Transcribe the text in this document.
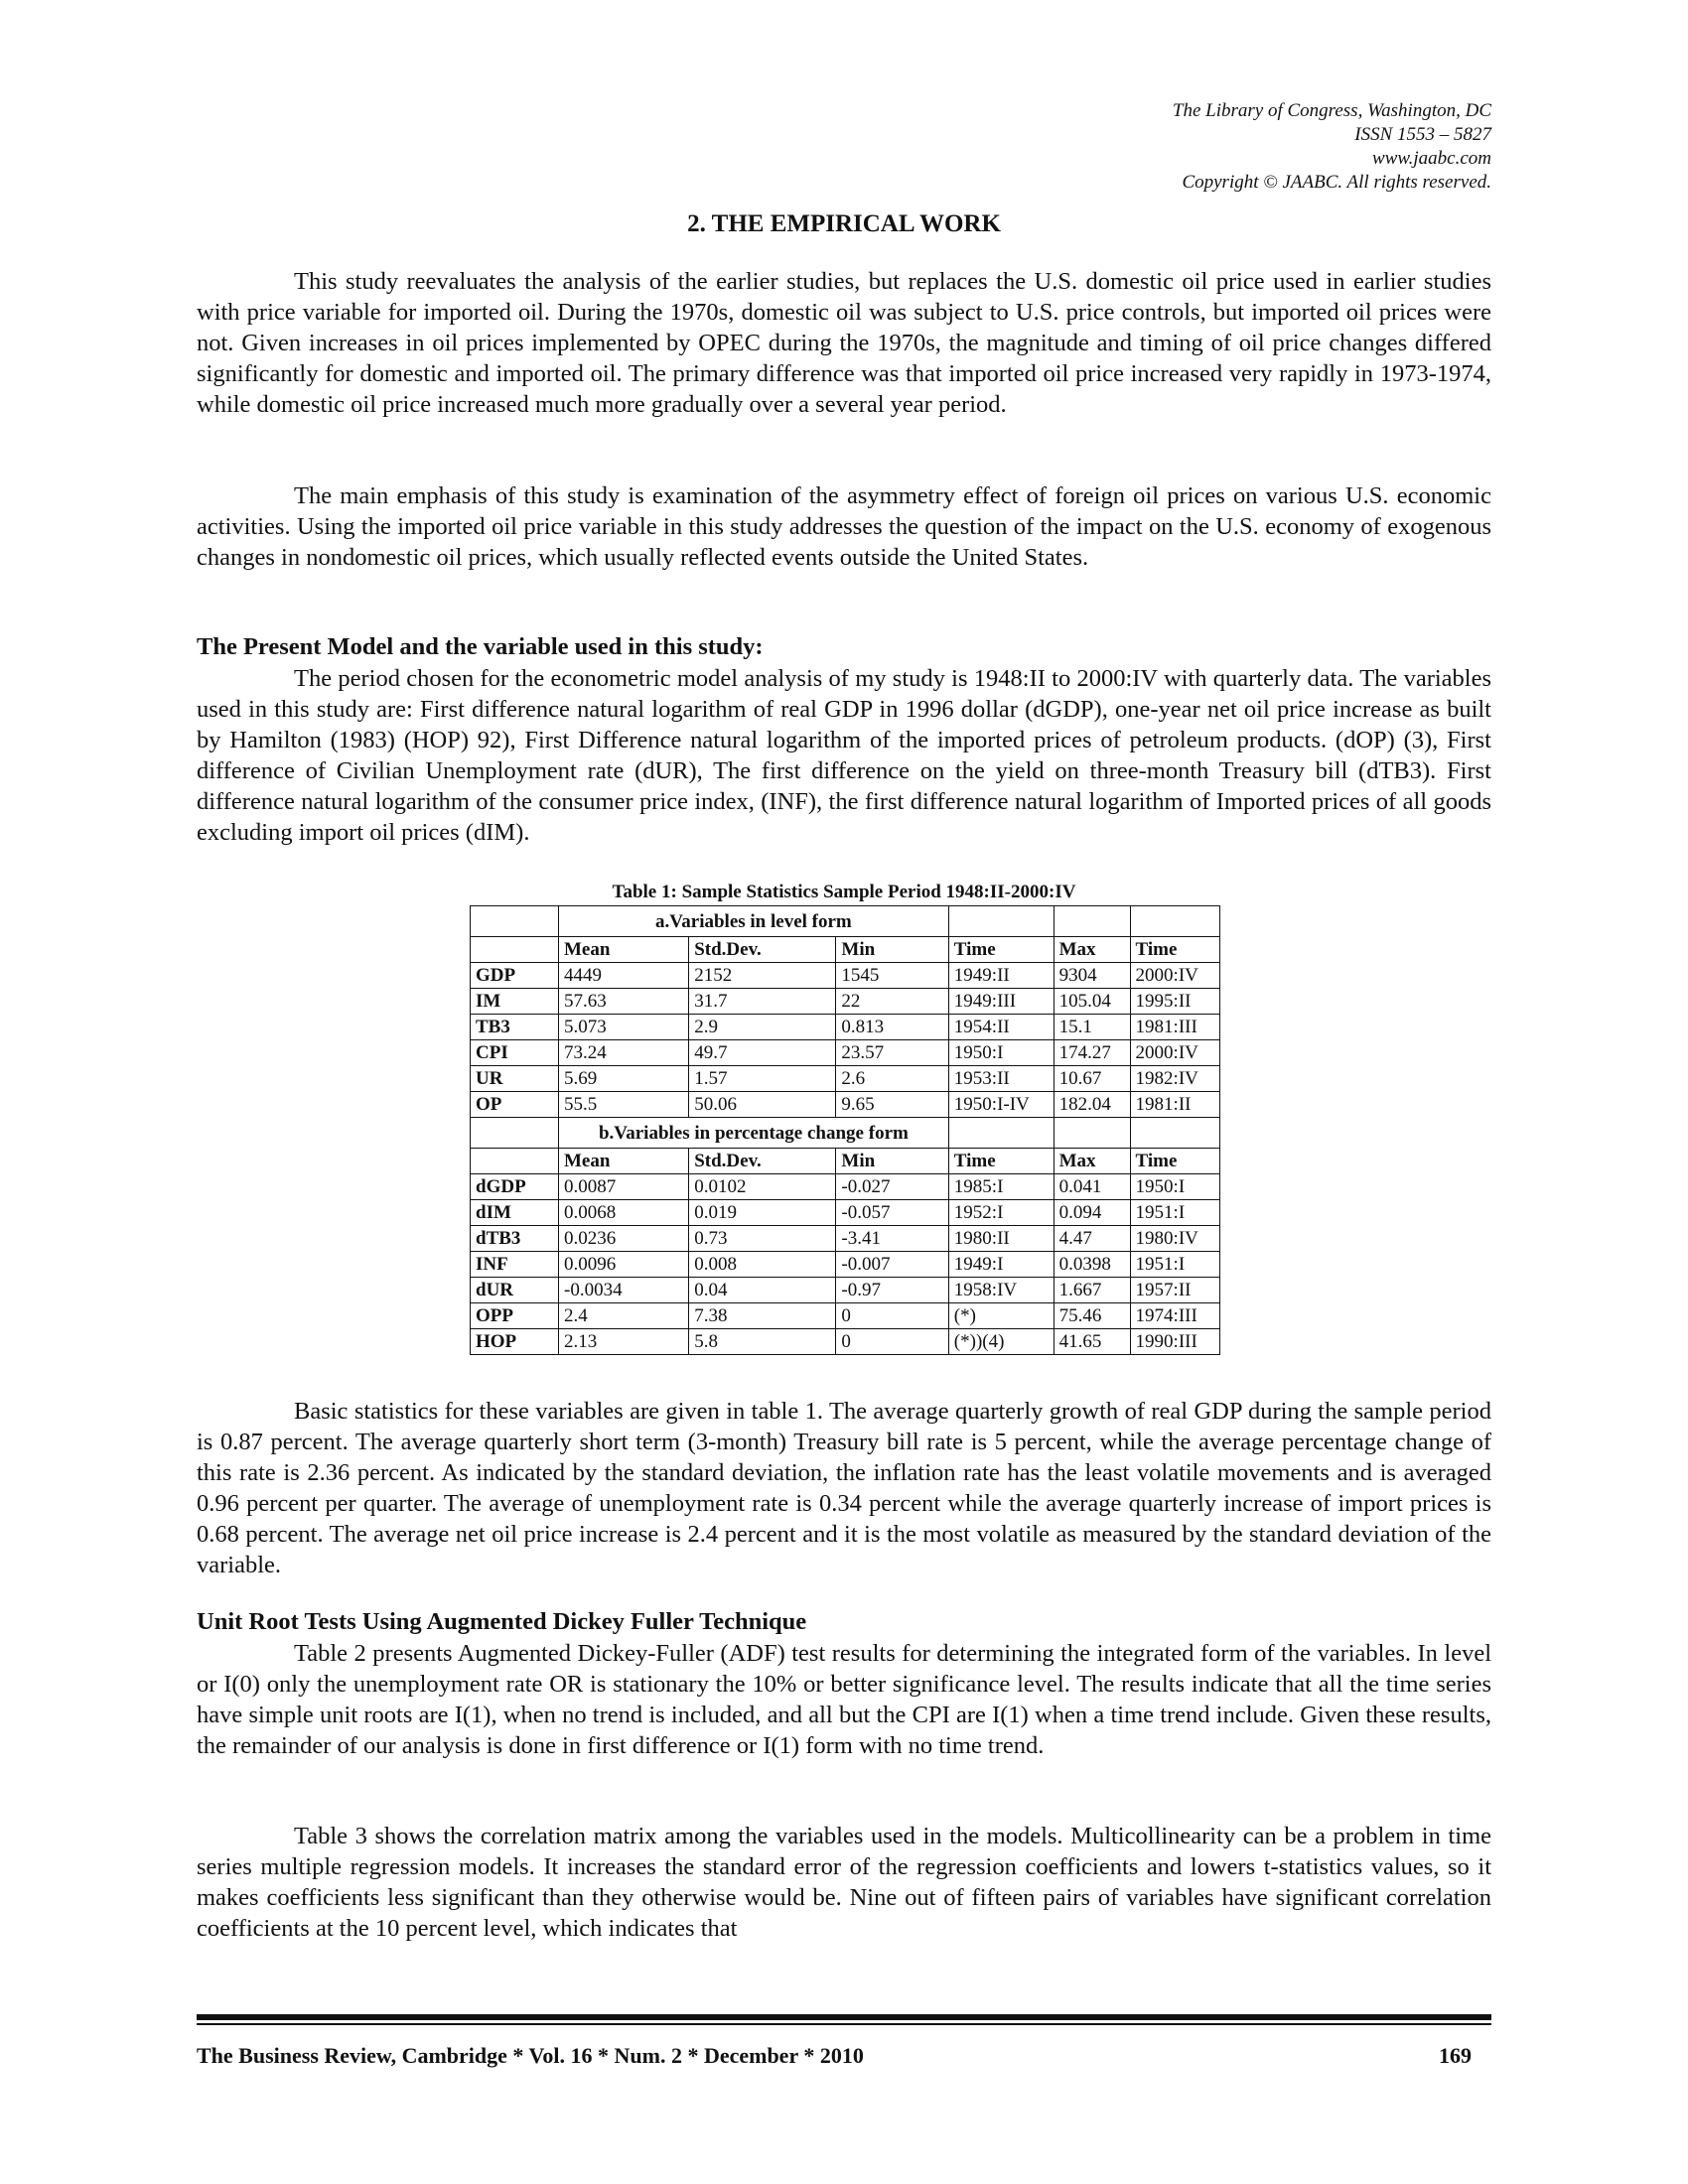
The Library of Congress, Washington, DC
ISSN 1553 – 5827
www.jaabc.com
Copyright © JAABC. All rights reserved.
2. THE EMPIRICAL WORK

This study reevaluates the analysis of the earlier studies, but replaces the U.S. domestic oil price used in earlier studies with price variable for imported oil. During the 1970s, domestic oil was subject to U.S. price controls, but imported oil prices were not. Given increases in oil prices implemented by OPEC during the 1970s, the magnitude and timing of oil price changes differed significantly for domestic and imported oil. The primary difference was that imported oil price increased very rapidly in 1973-1974, while domestic oil price increased much more gradually over a several year period.

The main emphasis of this study is examination of the asymmetry effect of foreign oil prices on various U.S. economic activities. Using the imported oil price variable in this study addresses the question of the impact on the U.S. economy of exogenous changes in nondomestic oil prices, which usually reflected events outside the United States.

The Present Model and the variable used in this study:

The period chosen for the econometric model analysis of my study is 1948:II to 2000:IV with quarterly data. The variables used in this study are: First difference natural logarithm of real GDP in 1996 dollar (dGDP), one-year net oil price increase as built by Hamilton (1983) (HOP) 92), First Difference natural logarithm of the imported prices of petroleum products. (dOP) (3), First difference of Civilian Unemployment rate (dUR), The first difference on the yield on three-month Treasury bill (dTB3). First difference natural logarithm of the consumer price index, (INF), the first difference natural logarithm of Imported prices of all goods excluding import oil prices (dIM).

Table 1: Sample Statistics Sample Period 1948:II-2000:IV
	a.Variables in level form					
	Mean	Std.Dev.	Min	Time	Max	Time
GDP	4449	2152	1545	1949:II	9304	2000:IV
IM	57.63	31.7	22	1949:III	105.04	1995:II
TB3	5.073	2.9	0.813	1954:II	15.1	1981:III
CPI	73.24	49.7	23.57	1950:I	174.27	2000:IV
UR	5.69	1.57	2.6	1953:II	10.67	1982:IV
OP	55.5	50.06	9.65	1950:I-IV	182.04	1981:II
	b.Variables in percentage change form					
	Mean	Std.Dev.	Min	Time	Max	Time
dGDP	0.0087	0.0102	-0.027	1985:I	0.041	1950:I
dIM	0.0068	0.019	-0.057	1952:I	0.094	1951:I
dTB3	0.0236	0.73	-3.41	1980:II	4.47	1980:IV
INF	0.0096	0.008	-0.007	1949:I	0.0398	1951:I
dUR	-0.0034	0.04	-0.97	1958:IV	1.667	1957:II
OPP	2.4	7.38	0	(*)	75.46	1974:III
HOP	2.13	5.8	0	(*))(4)	41.65	1990:III

Basic statistics for these variables are given in table 1. The average quarterly growth of real GDP during the sample period is 0.87 percent. The average quarterly short term (3-month) Treasury bill rate is 5 percent, while the average percentage change of this rate is 2.36 percent. As indicated by the standard deviation, the inflation rate has the least volatile movements and is averaged 0.96 percent per quarter. The average of unemployment rate is 0.34 percent while the average quarterly increase of import prices is 0.68 percent. The average net oil price increase is 2.4 percent and it is the most volatile as measured by the standard deviation of the variable.

Unit Root Tests Using Augmented Dickey Fuller Technique

Table 2 presents Augmented Dickey-Fuller (ADF) test results for determining the integrated form of the variables. In level or I(0) only the unemployment rate OR is stationary the 10% or better significance level. The results indicate that all the time series have simple unit roots are I(1), when no trend is included, and all but the CPI are I(1) when a time trend include. Given these results, the remainder of our analysis is done in first difference or I(1) form with no time trend.

Table 3 shows the correlation matrix among the variables used in the models. Multicollinearity can be a problem in time series multiple regression models. It increases the standard error of the regression coefficients and lowers t-statistics values, so it makes coefficients less significant than they otherwise would be. Nine out of fifteen pairs of variables have significant correlation coefficients at the 10 percent level, which indicates that

The Business Review, Cambridge * Vol. 16 * Num. 2 * December * 2010	169
